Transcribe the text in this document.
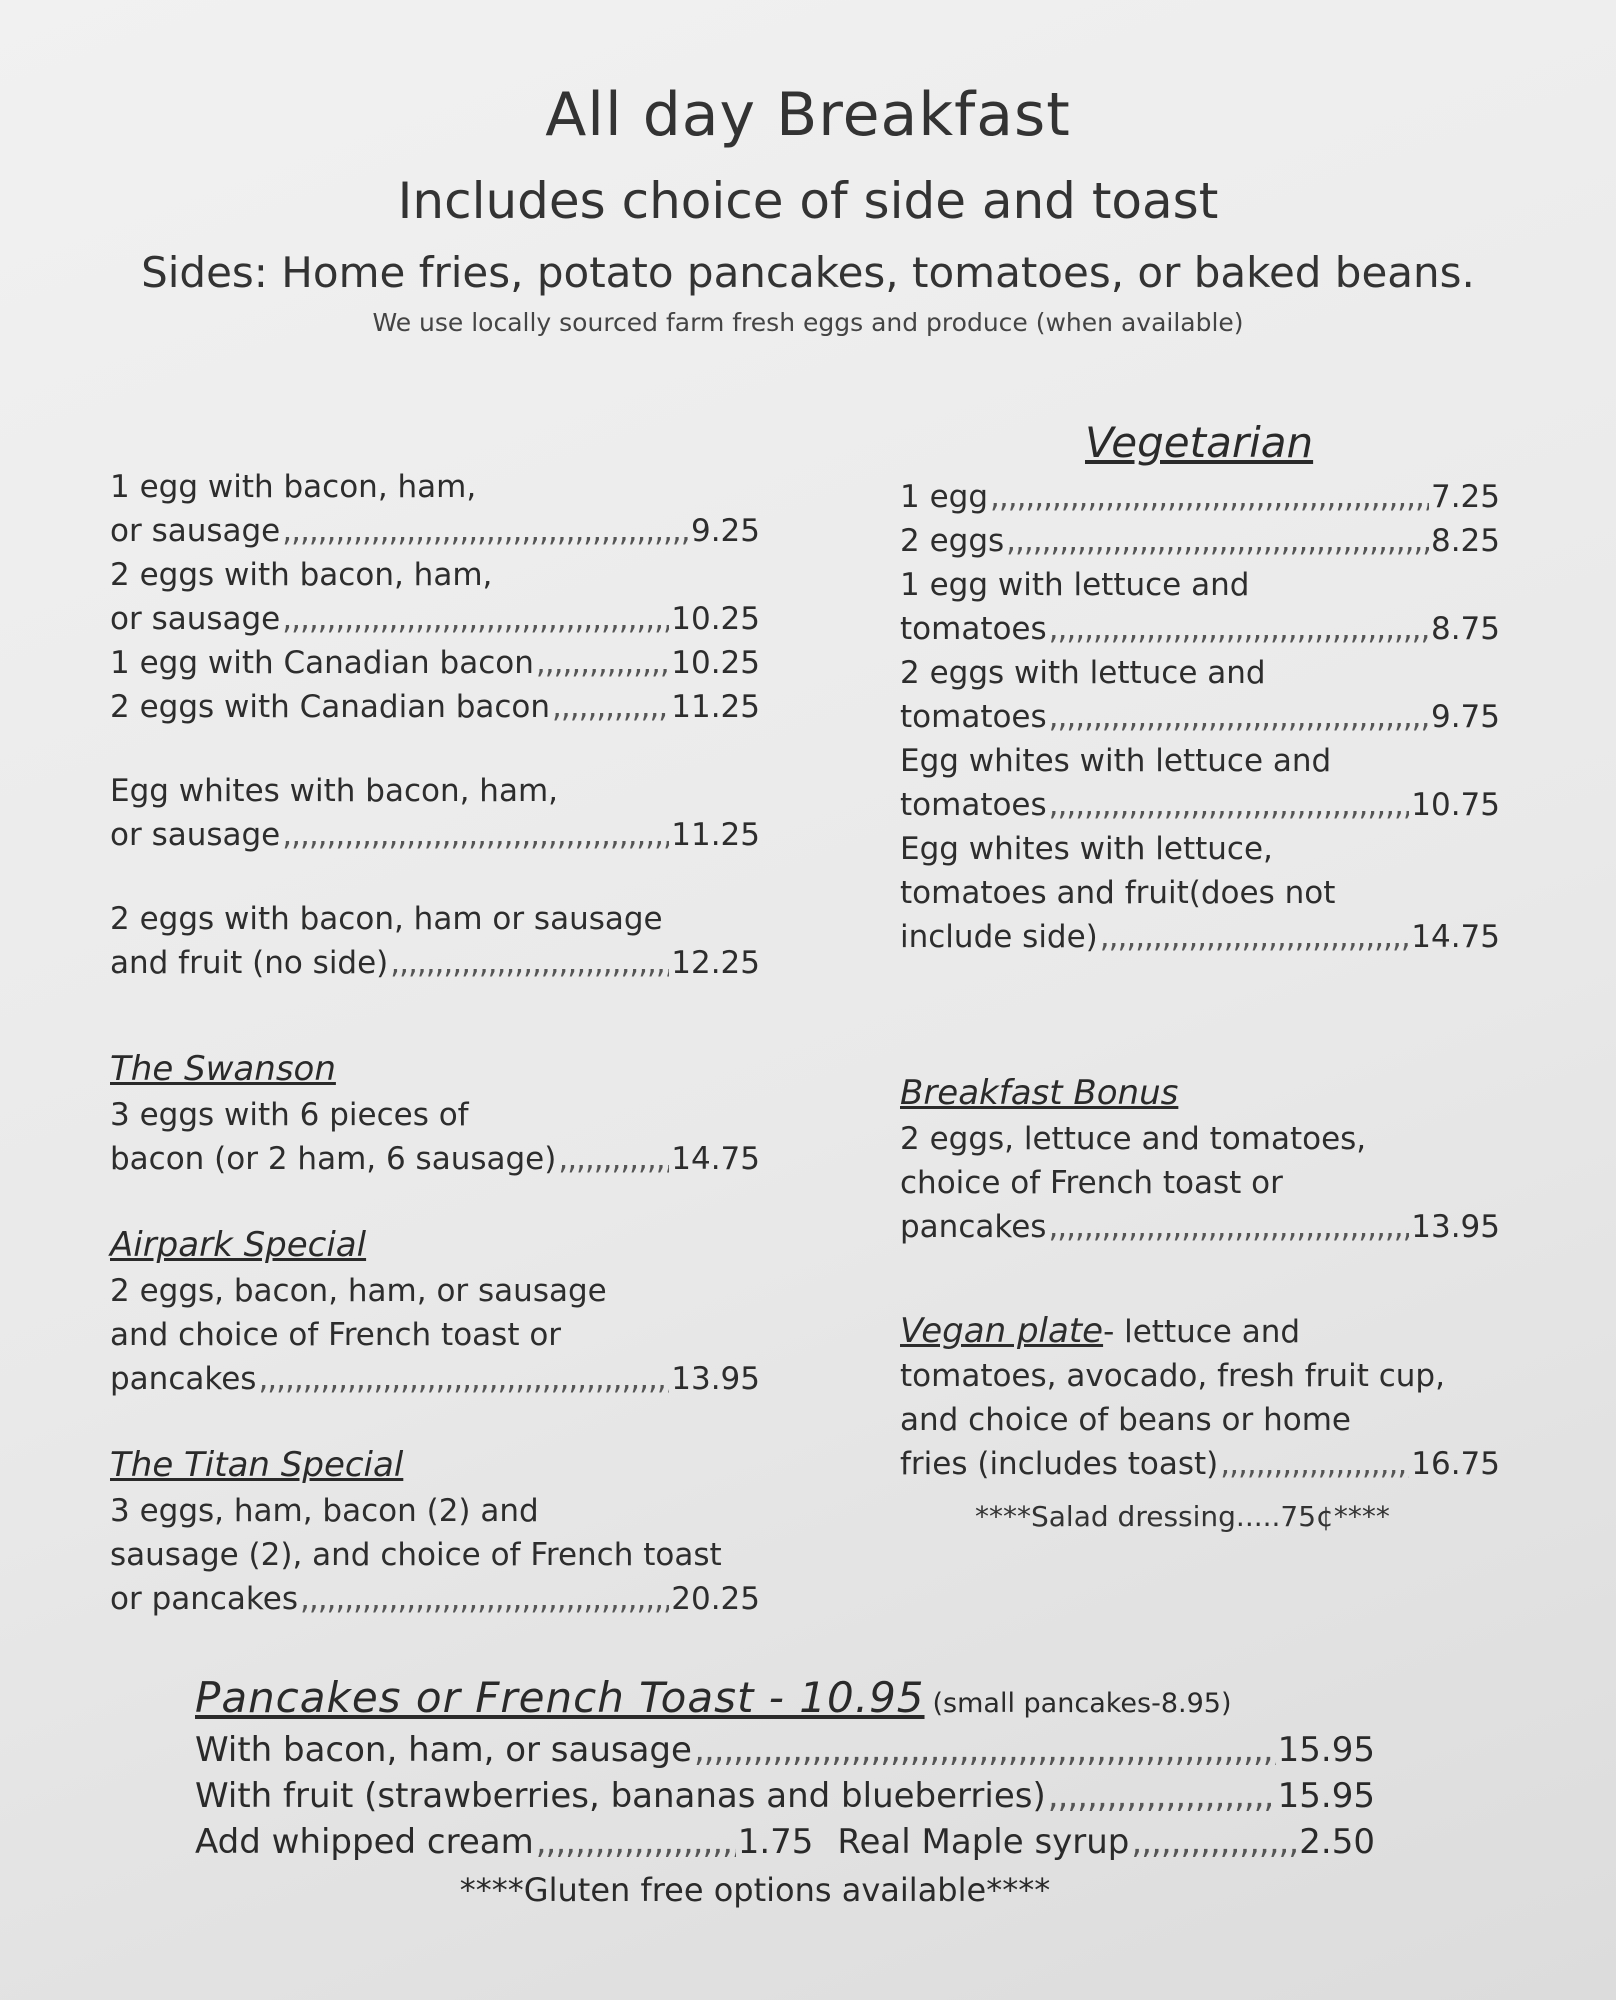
All day Breakfast

Includes choice of side and toast

Sides: Home fries, potato pancakes, tomatoes, or baked beans.

We use locally sourced farm fresh eggs and produce (when available)

1 egg with bacon, ham,
or sausage ,,,,,,,,,,,,,,,,,,,,,,,,,,,,,,,,,,,,,,,,,,,,,,,,,,,,,,,,,,,,,,,,,,,,,,,,,,,,,,,,,,,,,,,,,,,,,,,,,,,,,,,,,,,,,,,,,,,,,,,,,	9.25
2 eggs with bacon, ham,
or sausage ,,,,,,,,,,,,,,,,,,,,,,,,,,,,,,,,,,,,,,,,,,,,,,,,,,,,,,,,,,,,,,,,,,,,,,,,,,,,,,,,,,,,,,,,,,,,,,,,,,,,,,,,,,,,,,,,,,,,,,,,,	10.25
1 egg with Canadian bacon ,,,,,,,,,,,,,,,,,,,,,,,,,,,,,,,,,,,,,,,,,,,,,,,,,,,,,,,,,,,,,,,,,,,,,,,,,,,,,,,,,,,,,,,,,,,,,,,,,,,,,,,,,,,,,,,,,,,,,,,,,	10.25
2 eggs with Canadian bacon ,,,,,,,,,,,,,,,,,,,,,,,,,,,,,,,,,,,,,,,,,,,,,,,,,,,,,,,,,,,,,,,,,,,,,,,,,,,,,,,,,,,,,,,,,,,,,,,,,,,,,,,,,,,,,,,,,,,,,,,,,	11.25
Egg whites with bacon, ham,
or sausage ,,,,,,,,,,,,,,,,,,,,,,,,,,,,,,,,,,,,,,,,,,,,,,,,,,,,,,,,,,,,,,,,,,,,,,,,,,,,,,,,,,,,,,,,,,,,,,,,,,,,,,,,,,,,,,,,,,,,,,,,,	11.25
2 eggs with bacon, ham or sausage
and fruit (no side) ,,,,,,,,,,,,,,,,,,,,,,,,,,,,,,,,,,,,,,,,,,,,,,,,,,,,,,,,,,,,,,,,,,,,,,,,,,,,,,,,,,,,,,,,,,,,,,,,,,,,,,,,,,,,,,,,,,,,,,,,,	12.25
The Swanson
3 eggs with 6 pieces of
bacon (or 2 ham, 6 sausage) ,,,,,,,,,,,,,,,,,,,,,,,,,,,,,,,,,,,,,,,,,,,,,,,,,,,,,,,,,,,,,,,,,,,,,,,,,,,,,,,,,,,,,,,,,,,,,,,,,,,,,,,,,,,,,,,,,,,,,,,,,	14.75
Airpark Special
2 eggs, bacon, ham, or sausage
and choice of French toast or
pancakes ,,,,,,,,,,,,,,,,,,,,,,,,,,,,,,,,,,,,,,,,,,,,,,,,,,,,,,,,,,,,,,,,,,,,,,,,,,,,,,,,,,,,,,,,,,,,,,,,,,,,,,,,,,,,,,,,,,,,,,,,,	13.95
The Titan Special
3 eggs, ham, bacon (2) and
sausage (2), and choice of French toast
or pancakes ,,,,,,,,,,,,,,,,,,,,,,,,,,,,,,,,,,,,,,,,,,,,,,,,,,,,,,,,,,,,,,,,,,,,,,,,,,,,,,,,,,,,,,,,,,,,,,,,,,,,,,,,,,,,,,,,,,,,,,,,,	20.25
Vegetarian
1 egg ,,,,,,,,,,,,,,,,,,,,,,,,,,,,,,,,,,,,,,,,,,,,,,,,,,,,,,,,,,,,,,,,,,,,,,,,,,,,,,,,,,,,,,,,,,,,,,,,,,,,,,,,,,,,,,,,,,,,,,,,,	7.25
2 eggs ,,,,,,,,,,,,,,,,,,,,,,,,,,,,,,,,,,,,,,,,,,,,,,,,,,,,,,,,,,,,,,,,,,,,,,,,,,,,,,,,,,,,,,,,,,,,,,,,,,,,,,,,,,,,,,,,,,,,,,,,,	8.25
1 egg with lettuce and
tomatoes ,,,,,,,,,,,,,,,,,,,,,,,,,,,,,,,,,,,,,,,,,,,,,,,,,,,,,,,,,,,,,,,,,,,,,,,,,,,,,,,,,,,,,,,,,,,,,,,,,,,,,,,,,,,,,,,,,,,,,,,,,	8.75
2 eggs with lettuce and
tomatoes ,,,,,,,,,,,,,,,,,,,,,,,,,,,,,,,,,,,,,,,,,,,,,,,,,,,,,,,,,,,,,,,,,,,,,,,,,,,,,,,,,,,,,,,,,,,,,,,,,,,,,,,,,,,,,,,,,,,,,,,,,	9.75
Egg whites with lettuce and
tomatoes ,,,,,,,,,,,,,,,,,,,,,,,,,,,,,,,,,,,,,,,,,,,,,,,,,,,,,,,,,,,,,,,,,,,,,,,,,,,,,,,,,,,,,,,,,,,,,,,,,,,,,,,,,,,,,,,,,,,,,,,,,	10.75
Egg whites with lettuce,
tomatoes and fruit(does not
include side) ,,,,,,,,,,,,,,,,,,,,,,,,,,,,,,,,,,,,,,,,,,,,,,,,,,,,,,,,,,,,,,,,,,,,,,,,,,,,,,,,,,,,,,,,,,,,,,,,,,,,,,,,,,,,,,,,,,,,,,,,,	14.75
Breakfast Bonus
2 eggs, lettuce and tomatoes,
choice of French toast or
pancakes ,,,,,,,,,,,,,,,,,,,,,,,,,,,,,,,,,,,,,,,,,,,,,,,,,,,,,,,,,,,,,,,,,,,,,,,,,,,,,,,,,,,,,,,,,,,,,,,,,,,,,,,,,,,,,,,,,,,,,,,,,	13.95
Vegan plate- lettuce and
tomatoes, avocado, fresh fruit cup,
and choice of beans or home
fries (includes toast) ,,,,,,,,,,,,,,,,,,,,,,,,,,,,,,,,,,,,,,,,,,,,,,,,,,,,,,,,,,,,,,,,,,,,,,,,,,,,,,,,,,,,,,,,,,,,,,,,,,,,,,,,,,,,,,,,,,,,,,,,,	16.75
****Salad dressing.....75¢****
Pancakes or French Toast - 10.95 (small pancakes-8.95)
With bacon, ham, or sausage ,,,,,,,,,,,,,,,,,,,,,,,,,,,,,,,,,,,,,,,,,,,,,,,,,,,,,,,,,,,,,,,,,,,,,,,,,,,,,,,,,,,,,,,,,,,,,,,,,,,,,,,,,,,,,,,,,,,,,,,,,,,,,,,,,,,,,,,,	15.95
With fruit (strawberries, bananas and blueberries) ,,,,,,,,,,,,,,,,,,,,,,,,,,,,,,,,,,,,,,,,,,,,,,,,,,,,,,,,,,,,,,,,,,,,,,,,,,,,,,,,,,,,,,,,,,,,,,,,,,,,,,,,,,,,,,,,,,,,,,,,,,,,,,,,,,,,,,,,	15.95
Add whipped cream ,,,,,,,,,,,,,,,,,,,,,,,,,,,,,,,,,,,,,,,,,,,,,,,,,,,,,,,,,,,,,,,,,,,,,,,,,,,,,,,,,,,,,,,,,,,,,,,,,,,,,,,,,,,,,,,,,,,,,,,,,,,,,,,,,,,,,,,,	1.75 Real Maple syrup ,,,,,,,,,,,,,,,,,,,,,,,,,,,,,,,,,,,,,,,,,,,,,,,,,,,,,,,,,,,,,,,,,,,,,,,,,,,,,,,,,,,,,,,,,,,,,,,,,,,,,,,,,,,,,,,,,,,,,,,,,,,,,,,,,,,,,,,,	2.50
****Gluten free options available****
